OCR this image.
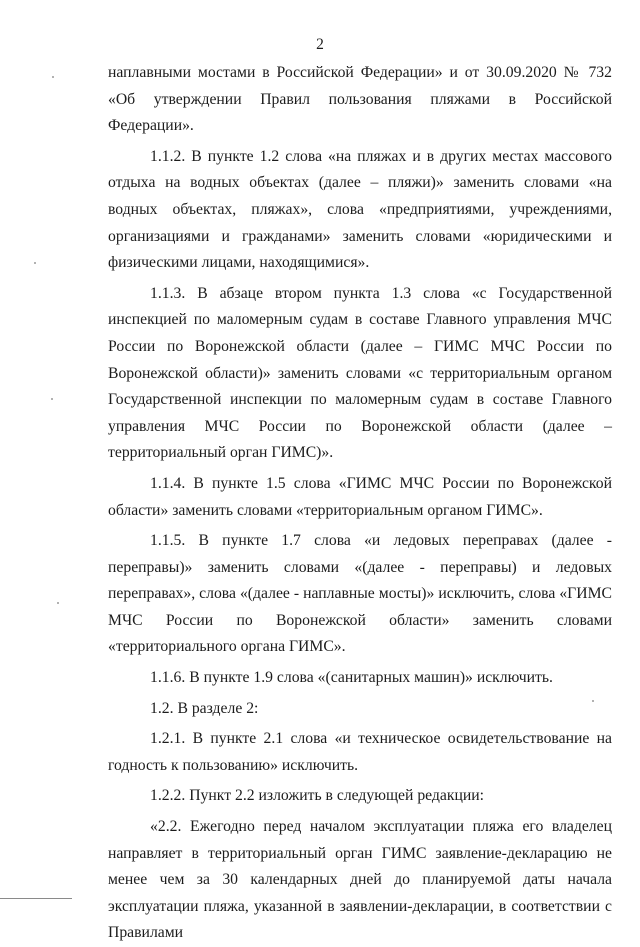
2

наплавными мостами в Российской Федерации» и от 30.09.2020 № 732 «Об утверждении Правил пользования пляжами в Российской Федерации».

1.1.2. В пункте 1.2 слова «на пляжах и в других местах массового отдыха на водных объектах (далее – пляжи)» заменить словами «на водных объектах, пляжах», слова «предприятиями, учреждениями, организациями и гражданами» заменить словами «юридическими и физическими лицами, находящимися».

1.1.3. В абзаце втором пункта 1.3 слова «с Государственной инспекцией по маломерным судам в составе Главного управления МЧС России по Воронежской области (далее – ГИМС МЧС России по Воронежской области)» заменить словами «с территориальным органом Государственной инспекции по маломерным судам в составе Главного управления МЧС России по Воронежской области (далее – территориальный орган ГИМС)».

1.1.4. В пункте 1.5 слова «ГИМС МЧС России по Воронежской области» заменить словами «территориальным органом ГИМС».

1.1.5. В пункте 1.7 слова «и ледовых переправах (далее - переправы)» заменить словами «(далее - переправы) и ледовых переправах», слова «(далее - наплавные мосты)» исключить, слова «ГИМС МЧС России по Воронежской области» заменить словами «территориального органа ГИМС».

1.1.6. В пункте 1.9 слова «(санитарных машин)» исключить.

1.2. В разделе 2:

1.2.1. В пункте 2.1 слова «и техническое освидетельствование на годность к пользованию» исключить.

1.2.2. Пункт 2.2 изложить в следующей редакции:

«2.2. Ежегодно перед началом эксплуатации пляжа его владелец направляет в территориальный орган ГИМС заявление-декларацию не менее чем за 30 календарных дней до планируемой даты начала эксплуатации пляжа, указанной в заявлении-декларации, в соответствии с Правилами
